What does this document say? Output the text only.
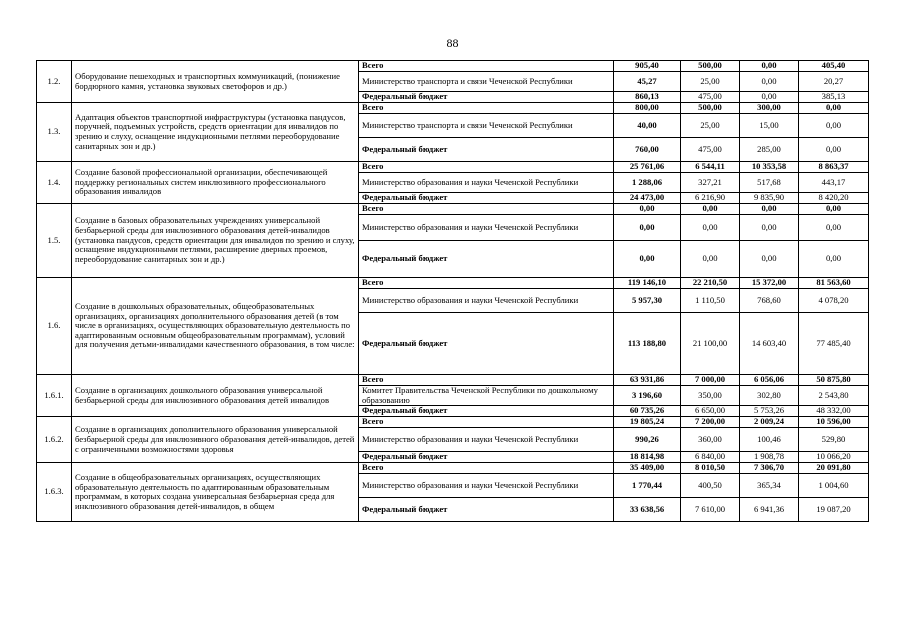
88
1.2.	Оборудование пешеходных и транспортных коммуникаций, (понижение бордюрного камня, установка звуковых светофоров и др.)	Всего	905,40	500,00	0,00	405,40
		Министерство транспорта и связи Чеченской Республики	45,27	25,00	0,00	20,27
		Федеральный бюджет	860,13	475,00	0,00	385,13
1.3.	Адаптация объектов транспортной инфраструктуры (установка пандусов, поручней, подъемных устройств, средств ориентации для инвалидов по зрению и слуху, оснащение индукционными петлями переоборудование санитарных зон и др.)	Всего	800,00	500,00	300,00	0,00
		Министерство транспорта и связи Чеченской Республики	40,00	25,00	15,00	0,00
		Федеральный бюджет	760,00	475,00	285,00	0,00
1.4.	Создание базовой профессиональной организации, обеспечивающей поддержку региональных систем инклюзивного профессионального образования инвалидов	Всего	25 761,06	6 544,11	10 353,58	8 863,37
		Министерство образования и науки Чеченской Республики	1 288,06	327,21	517,68	443,17
		Федеральный бюджет	24 473,00	6 216,90	9 835,90	8 420,20
1.5.	Создание в базовых образовательных учреждениях универсальной безбарьерной среды для инклюзивного образования детей-инвалидов (установка пандусов, средств ориентации для инвалидов по зрению и слуху, оснащение индукционными петлями, расширение дверных проемов, переоборудование санитарных зон и др.)	Всего	0,00	0,00	0,00	0,00
		Министерство образования и науки Чеченской Республики	0,00	0,00	0,00	0,00
		Федеральный бюджет	0,00	0,00	0,00	0,00
1.6.	Создание в дошкольных образовательных, общеобразовательных организациях, организациях дополнительного образования детей (в том числе в организациях, осуществляющих образовательную деятельность по адаптированным основным общеобразовательным программам), условий для получения детьми-инвалидами качественного образования, в том числе:	Всего	119 146,10	22 210,50	15 372,00	81 563,60
		Министерство образования и науки Чеченской Республики	5 957,30	1 110,50	768,60	4 078,20
		Федеральный бюджет	113 188,80	21 100,00	14 603,40	77 485,40
1.6.1.	Создание в организациях дошкольного образования универсальной безбарьерной среды для инклюзивного образования детей инвалидов	Всего	63 931,86	7 000,00	6 056,06	50 875,80
		Комитет Правительства Чеченской Республики по дошкольному образованию	3 196,60	350,00	302,80	2 543,80
		Федеральный бюджет	60 735,26	6 650,00	5 753,26	48 332,00
1.6.2.	Создание в организациях дополнительного образования универсальной безбарьерной среды для инклюзивного образования детей-инвалидов, детей с ограниченными возможностями здоровья	Всего	19 805,24	7 200,00	2 009,24	10 596,00
		Министерство образования и науки Чеченской Республики	990,26	360,00	100,46	529,80
		Федеральный бюджет	18 814,98	6 840,00	1 908,78	10 066,20
1.6.3.	Создание в общеобразовательных организациях, осуществляющих образовательную деятельность по адаптированным образовательным программам, в которых создана универсальная безбарьерная среда для инклюзивного образования детей-инвалидов, в общем	Всего	35 409,00	8 010,50	7 306,70	20 091,80
		Министерство образования и науки Чеченской Республики	1 770,44	400,50	365,34	1 004,60
		Федеральный бюджет	33 638,56	7 610,00	6 941,36	19 087,20
